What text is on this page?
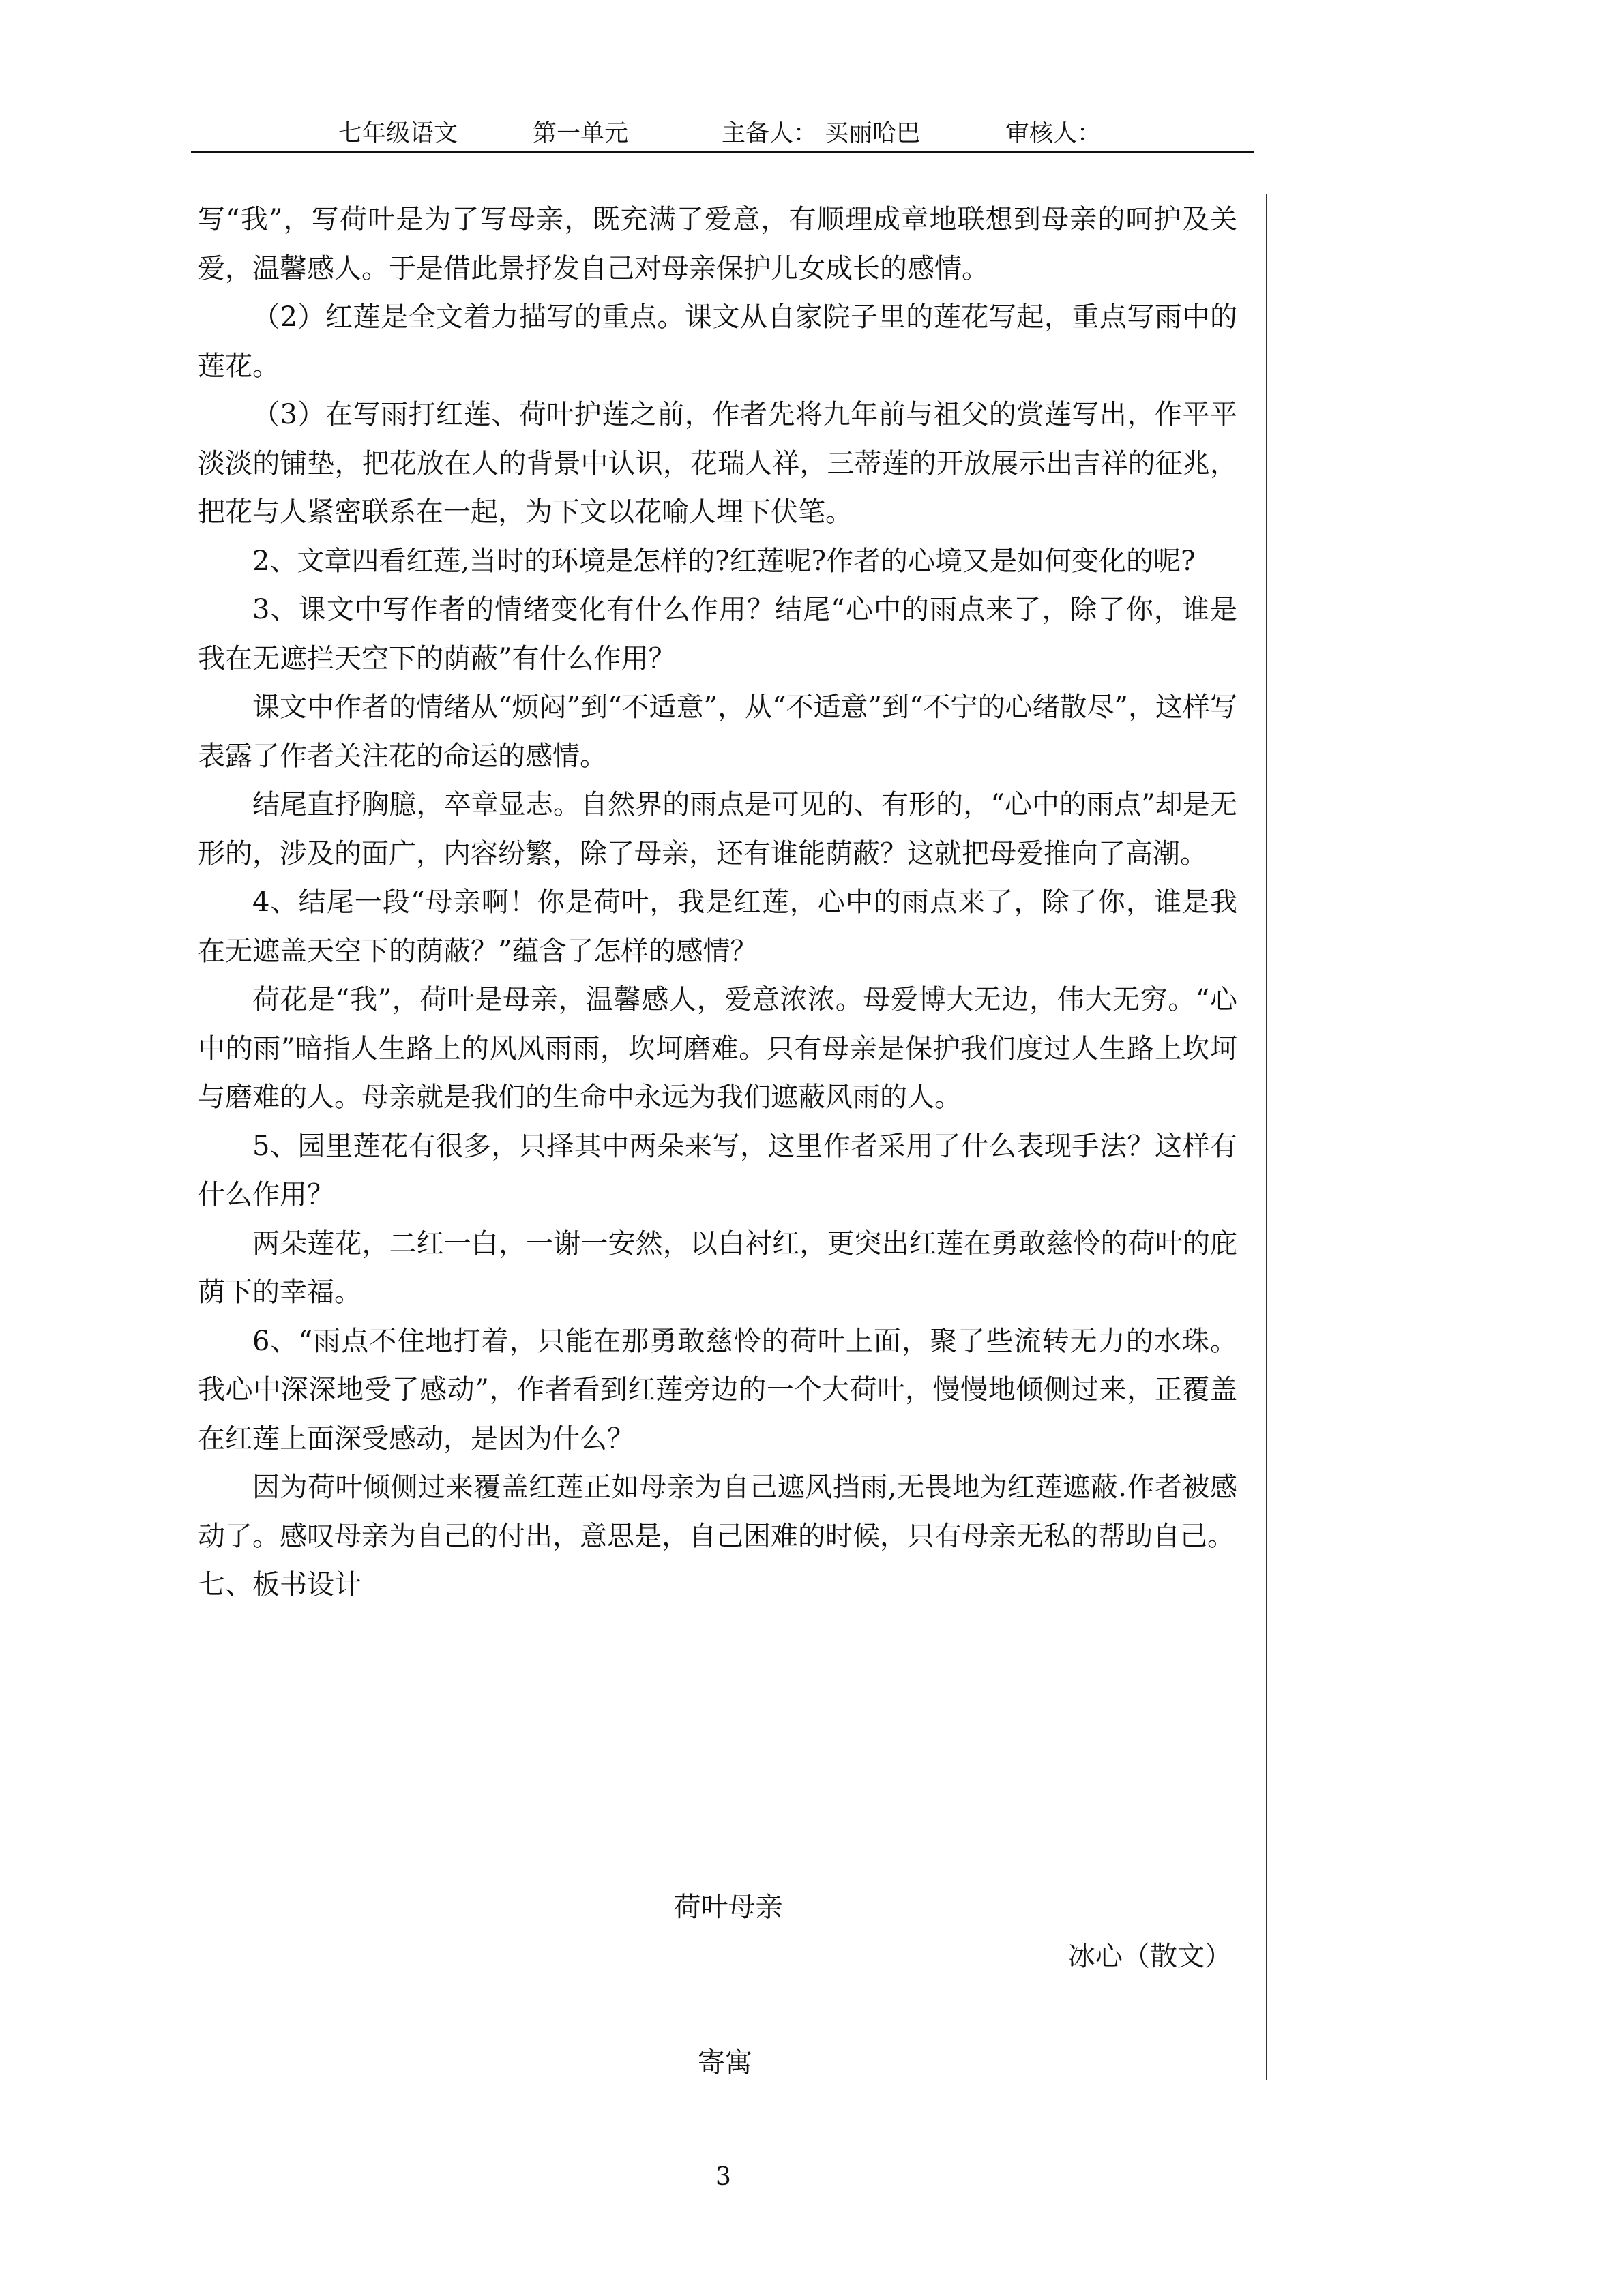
七年级语文	第一单元	主备人： 买丽哈巴	审核人：

写“我”，写荷叶是为了写母亲，既充满了爱意，有顺理成章地联想到母亲的呵护及关爱，温馨感人。于是借此景抒发自己对母亲保护儿女成长的感情。

（2）红莲是全文着力描写的重点。课文从自家院子里的莲花写起，重点写雨中的莲花。

（3）在写雨打红莲、荷叶护莲之前，作者先将九年前与祖父的赏莲写出，作平平淡淡的铺垫，把花放在人的背景中认识，花瑞人祥，三蒂莲的开放展示出吉祥的征兆，把花与人紧密联系在一起，为下文以花喻人埋下伏笔。

2、文章四看红莲,当时的环境是怎样的?红莲呢?作者的心境又是如何变化的呢?

3、课文中写作者的情绪变化有什么作用？结尾“心中的雨点来了，除了你，谁是我在无遮拦天空下的荫蔽”有什么作用？

课文中作者的情绪从“烦闷”到“不适意”，从“不适意”到“不宁的心绪散尽”，这样写表露了作者关注花的命运的感情。

结尾直抒胸臆，卒章显志。自然界的雨点是可见的、有形的，“心中的雨点”却是无形的，涉及的面广，内容纷繁，除了母亲，还有谁能荫蔽？这就把母爱推向了高潮。

4、结尾一段“母亲啊！你是荷叶，我是红莲，心中的雨点来了，除了你，谁是我在无遮盖天空下的荫蔽？”蕴含了怎样的感情？

荷花是“我”，荷叶是母亲，温馨感人，爱意浓浓。母爱博大无边，伟大无穷。“心中的雨”暗指人生路上的风风雨雨，坎坷磨难。只有母亲是保护我们度过人生路上坎坷与磨难的人。母亲就是我们的生命中永远为我们遮蔽风雨的人。

5、园里莲花有很多，只择其中两朵来写，这里作者采用了什么表现手法？这样有什么作用？

两朵莲花，二红一白，一谢一安然，以白衬红，更突出红莲在勇敢慈怜的荷叶的庇荫下的幸福。

6、“雨点不住地打着，只能在那勇敢慈怜的荷叶上面，聚了些流转无力的水珠。我心中深深地受了感动”，作者看到红莲旁边的一个大荷叶，慢慢地倾侧过来，正覆盖在红莲上面深受感动，是因为什么？

因为荷叶倾侧过来覆盖红莲正如母亲为自己遮风挡雨,无畏地为红莲遮蔽.作者被感动了。感叹母亲为自己的付出，意思是，自己困难的时候，只有母亲无私的帮助自己。

七、板书设计

荷叶母亲
冰心（散文）
寄寓
3
